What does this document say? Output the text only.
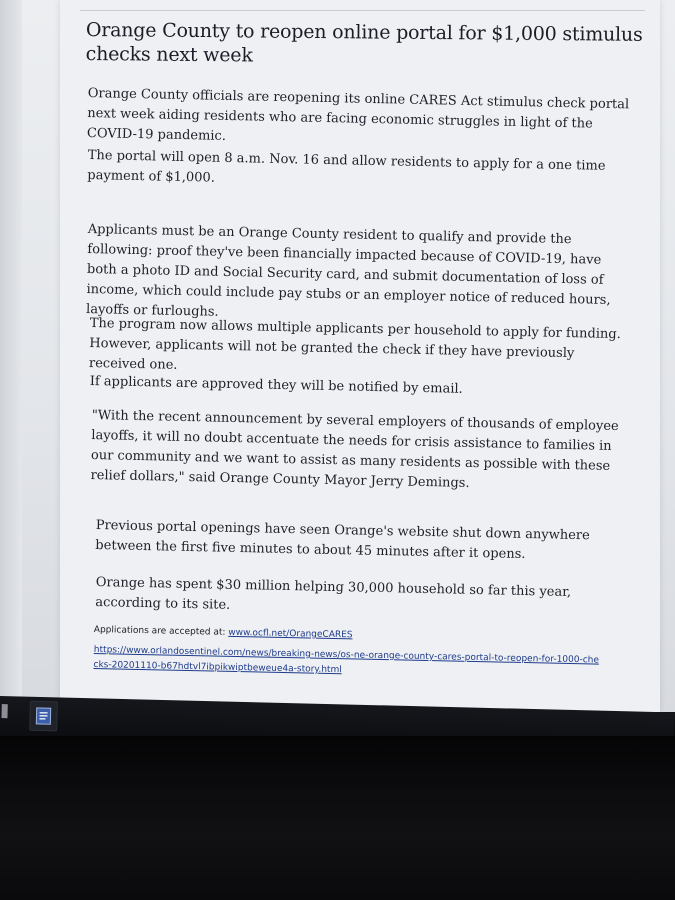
Orange County to reopen online portal for $1,000 stimulus checks next week
Orange County officials are reopening its online CARES Act stimulus check portal next week aiding residents who are facing economic struggles in light of the COVID-19 pandemic.
The portal will open 8 a.m. Nov. 16 and allow residents to apply for a one time payment of $1,000.
Applicants must be an Orange County resident to qualify and provide the following: proof they've been financially impacted because of COVID-19, have both a photo ID and Social Security card, and submit documentation of loss of income, which could include pay stubs or an employer notice of reduced hours, layoffs or furloughs.
The program now allows multiple applicants per household to apply for funding. However, applicants will not be granted the check if they have previously received one.
If applicants are approved they will be notified by email.
"With the recent announcement by several employers of thousands of employee layoffs, it will no doubt accentuate the needs for crisis assistance to families in our community and we want to assist as many residents as possible with these relief dollars," said Orange County Mayor Jerry Demings.
Previous portal openings have seen Orange's website shut down anywhere between the first five minutes to about 45 minutes after it opens.
Orange has spent $30 million helping 30,000 household so far this year, according to its site.
Applications are accepted at: www.ocfl.net/OrangeCARES
https://www.orlandosentinel.com/news/breaking-news/os-ne-orange-county-cares-portal-to-reopen-for-1000-checks-20201110-b67hdtvl7ibpikwiptbeweue4a-story.html
